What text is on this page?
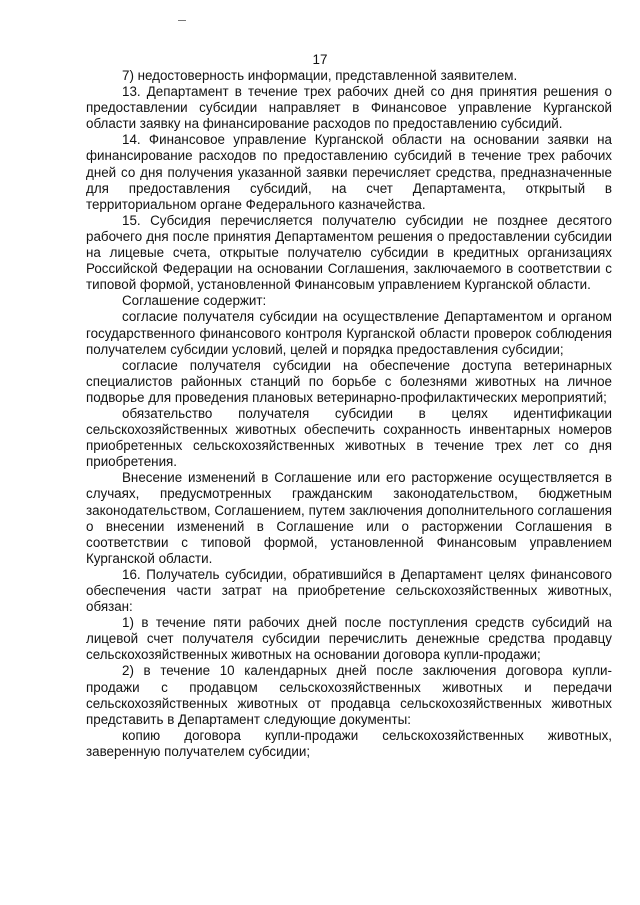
17

7) недостоверность информации, представленной заявителем.

13. Департамент в течение трех рабочих дней со дня принятия решения о предоставлении субсидии направляет в Финансовое управление Курганской области заявку на финансирование расходов по предоставлению субсидий.

14. Финансовое управление Курганской области на основании заявки на финансирование расходов по предоставлению субсидий в течение трех рабочих дней со дня получения указанной заявки перечисляет средства, предназначенные для предоставления субсидий, на счет Департамента, открытый в территориальном органе Федерального казначейства.

15. Субсидия перечисляется получателю субсидии не позднее десятого рабочего дня после принятия Департаментом решения о предоставлении субсидии на лицевые счета, открытые получателю субсидии в кредитных организациях Российской Федерации на основании Соглашения, заключаемого в соответствии с типовой формой, установленной Финансовым управлением Курганской области.

Соглашение содержит:

согласие получателя субсидии на осуществление Департаментом и органом государственного финансового контроля Курганской области проверок соблюдения получателем субсидии условий, целей и порядка предоставления субсидии;

согласие получателя субсидии на обеспечение доступа ветеринарных специалистов районных станций по борьбе с болезнями животных на личное подворье для проведения плановых ветеринарно-профилактических мероприятий;

обязательство получателя субсидии в целях идентификации сельскохозяйственных животных обеспечить сохранность инвентарных номеров приобретенных сельскохозяйственных животных в течение трех лет со дня приобретения.

Внесение изменений в Соглашение или его расторжение осуществляется в случаях, предусмотренных гражданским законодательством, бюджетным законодательством, Соглашением, путем заключения дополнительного соглашения о внесении изменений в Соглашение или о расторжении Соглашения в соответствии с типовой формой, установленной Финансовым управлением Курганской области.

16. Получатель субсидии, обратившийся в Департамент целях финансового обеспечения части затрат на приобретение сельскохозяйственных животных, обязан:

1) в течение пяти рабочих дней после поступления средств субсидий на лицевой счет получателя субсидии перечислить денежные средства продавцу сельскохозяйственных животных на основании договора купли-продажи;

2) в течение 10 календарных дней после заключения договора купли-продажи с продавцом сельскохозяйственных животных и передачи сельскохозяйственных животных от продавца сельскохозяйственных животных представить в Департамент следующие документы:

копию договора купли-продажи сельскохозяйственных животных,
заверенную получателем субсидии;
